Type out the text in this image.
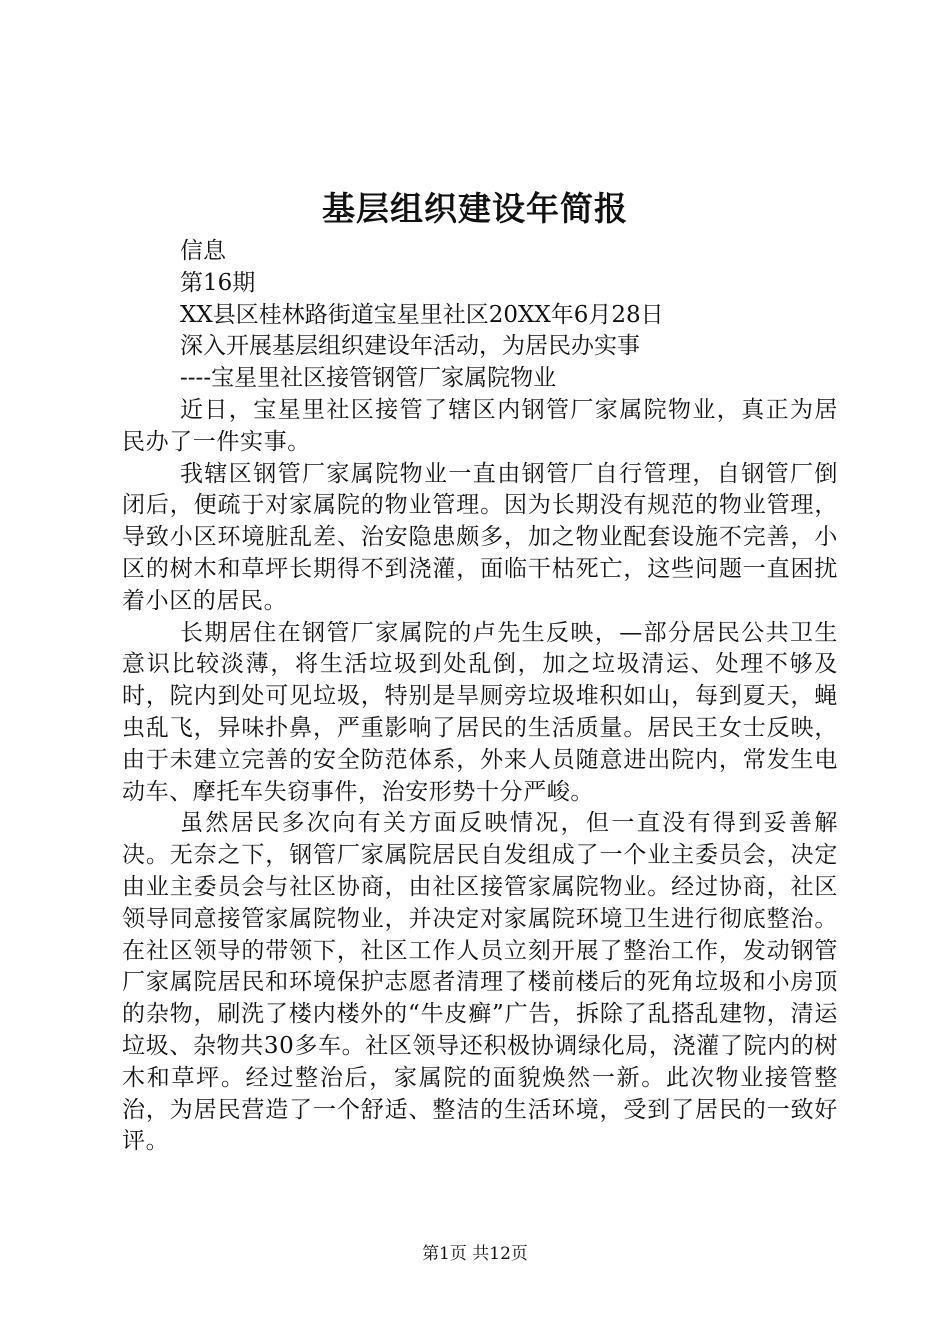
基层组织建设年简报

信息

第16期

XX县区桂林路街道宝星里社区20XX年6月28日

深入开展基层组织建设年活动，为居民办实事

----宝星里社区接管钢管厂家属院物业

近日，宝星里社区接管了辖区内钢管厂家属院物业，真正为居民办了一件实事。

我辖区钢管厂家属院物业一直由钢管厂自行管理，自钢管厂倒闭后，便疏于对家属院的物业管理。因为长期没有规范的物业管理，导致小区环境脏乱差、治安隐患颇多，加之物业配套设施不完善，小区的树木和草坪长期得不到浇灌，面临干枯死亡，这些问题一直困扰着小区的居民。

长期居住在钢管厂家属院的卢先生反映，—部分居民公共卫生意识比较淡薄，将生活垃圾到处乱倒，加之垃圾清运、处理不够及时，院内到处可见垃圾，特别是旱厕旁垃圾堆积如山，每到夏天，蝇虫乱飞，异味扑鼻，严重影响了居民的生活质量。居民王女士反映，由于未建立完善的安全防范体系，外来人员随意进出院内，常发生电动车、摩托车失窃事件，治安形势十分严峻。

虽然居民多次向有关方面反映情况，但一直没有得到妥善解决。无奈之下，钢管厂家属院居民自发组成了一个业主委员会，决定由业主委员会与社区协商，由社区接管家属院物业。经过协商，社区领导同意接管家属院物业，并决定对家属院环境卫生进行彻底整治。在社区领导的带领下，社区工作人员立刻开展了整治工作，发动钢管厂家属院居民和环境保护志愿者清理了楼前楼后的死角垃圾和小房顶的杂物，刷洗了楼内楼外的“牛皮癣”广告，拆除了乱搭乱建物，清运垃圾、杂物共30多车。社区领导还积极协调绿化局，浇灌了院内的树木和草坪。经过整治后，家属院的面貌焕然一新。此次物业接管整治，为居民营造了一个舒适、整洁的生活环境，受到了居民的一致好评。

第1页 共12页
